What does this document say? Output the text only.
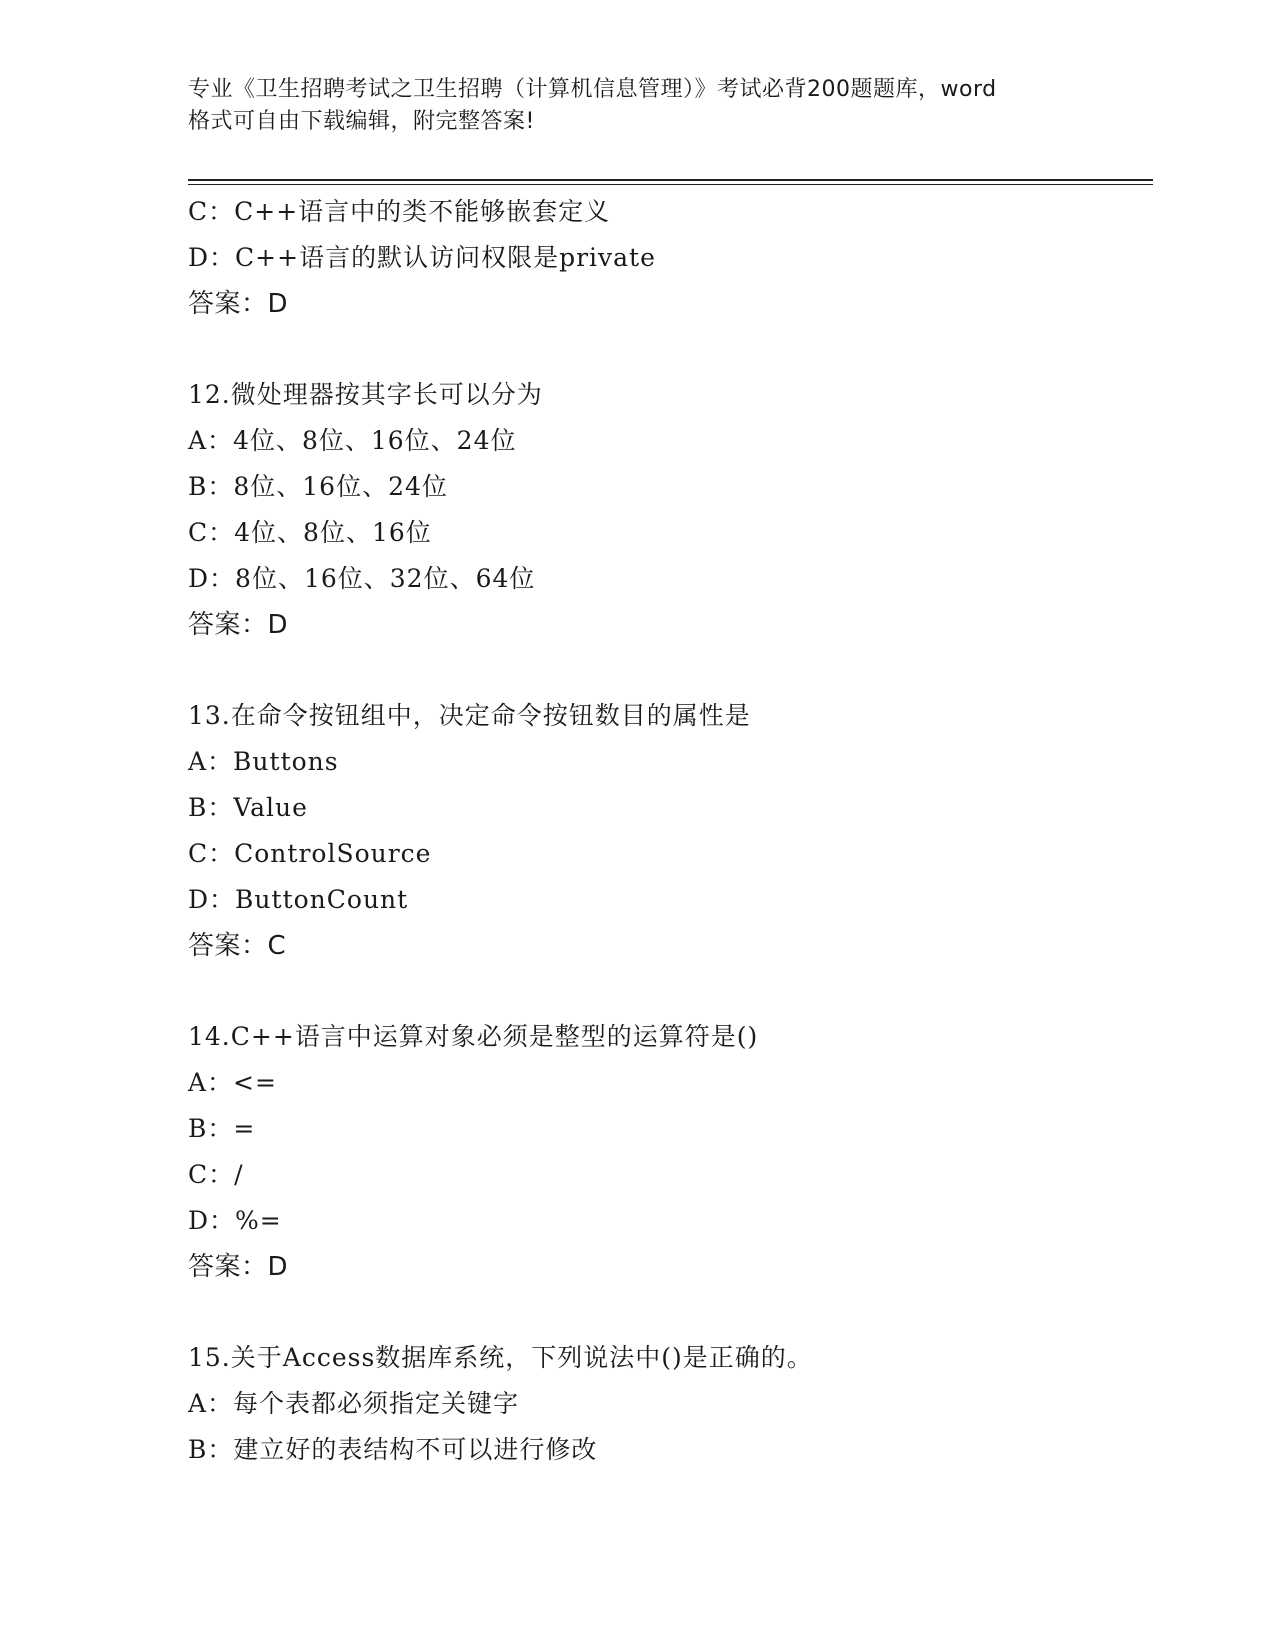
专业《卫生招聘考试之卫生招聘（计算机信息管理）》考试必背200题题库，word
格式可自由下载编辑，附完整答案!
C：C++语言中的类不能够嵌套定义
D：C++语言的默认访问权限是private
答案：D
12.微处理器按其字长可以分为
A：4位、8位、16位、24位
B：8位、16位、24位
C：4位、8位、16位
D：8位、16位、32位、64位
答案：D
13.在命令按钮组中，决定命令按钮数目的属性是
A：Buttons
B：Value
C：ControlSource
D：ButtonCount
答案：C
14.C++语言中运算对象必须是整型的运算符是()
A：<=
B：=
C：/
D：%=
答案：D
15.关于Access数据库系统，下列说法中()是正确的。
A：每个表都必须指定关键字
B：建立好的表结构不可以进行修改
